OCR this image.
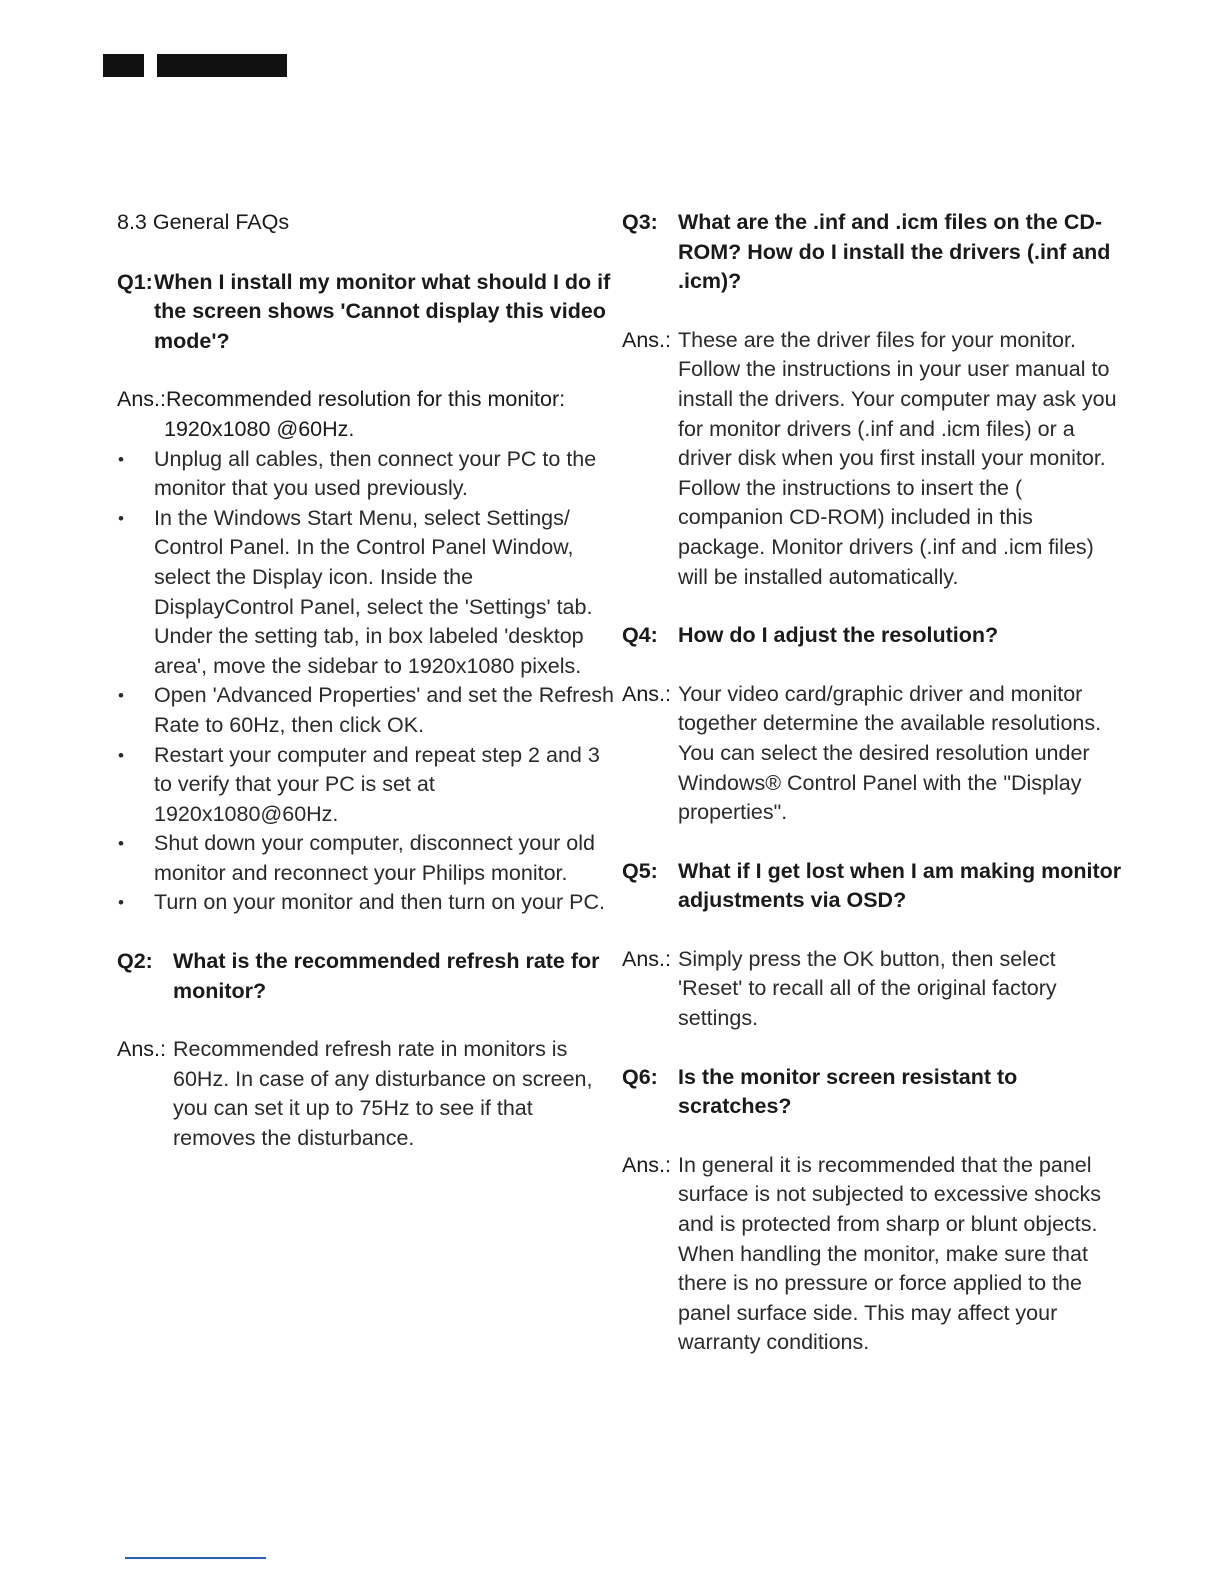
8.3 General FAQs
Q1: When I install my monitor what should I do if the screen shows 'Cannot display this video mode'?
Ans.:Recommended resolution for this monitor:
1920x1080 @60Hz.
• Unplug all cables, then connect your PC to the monitor that you used previously.
• In the Windows Start Menu, select Settings/ Control Panel. In the Control Panel Window, select the Display icon. Inside the DisplayControl Panel, select the 'Settings' tab. Under the setting tab, in box labeled 'desktop area', move the sidebar to 1920x1080 pixels.
• Open 'Advanced Properties' and set the Refresh Rate to 60Hz, then click OK.
• Restart your computer and repeat step 2 and 3 to verify that your PC is set at 1920x1080@60Hz.
• Shut down your computer, disconnect your old monitor and reconnect your Philips monitor.
• Turn on your monitor and then turn on your PC.
Q2: What is the recommended refresh rate for monitor?
Ans.: Recommended refresh rate in monitors is 60Hz. In case of any disturbance on screen, you can set it up to 75Hz to see if that removes the disturbance.
Q3: What are the .inf and .icm files on the CD-ROM? How do I install the drivers (.inf and .icm)?
Ans.: These are the driver files for your monitor. Follow the instructions in your user manual to install the drivers. Your computer may ask you for monitor drivers (.inf and .icm files) or a driver disk when you first install your monitor. Follow the instructions to insert the ( companion CD-ROM) included in this package. Monitor drivers (.inf and .icm files) will be installed automatically.
Q4: How do I adjust the resolution?
Ans.: Your video card/graphic driver and monitor together determine the available resolutions. You can select the desired resolution under Windows® Control Panel with the "Display properties".
Q5: What if I get lost when I am making monitor adjustments via OSD?
Ans.: Simply press the OK button, then select 'Reset' to recall all of the original factory settings.
Q6: Is the monitor screen resistant to scratches?
Ans.: In general it is recommended that the panel surface is not subjected to excessive shocks and is protected from sharp or blunt objects. When handling the monitor, make sure that there is no pressure or force applied to the panel surface side. This may affect your warranty conditions.
